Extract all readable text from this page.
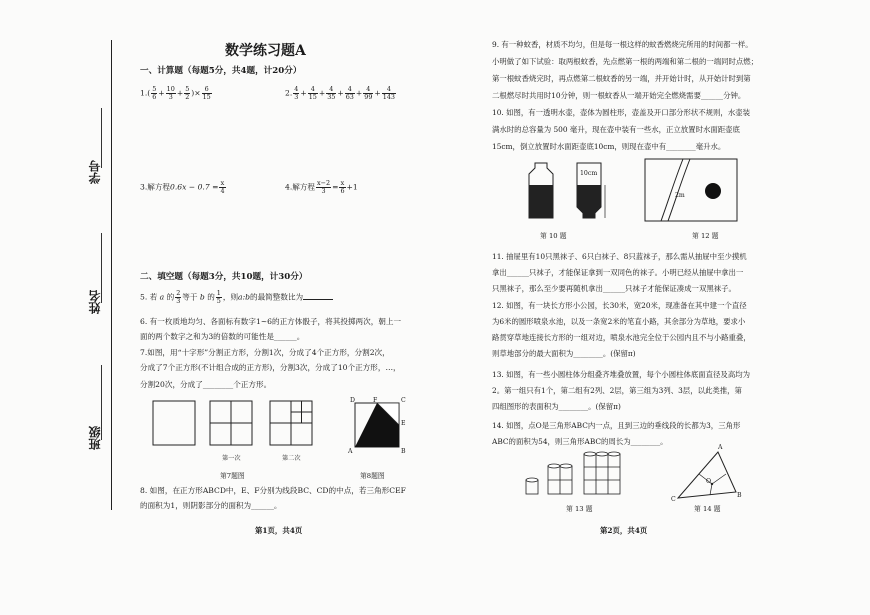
学号
姓名
班级
数学练习题A
一、计算题（每题5分，共4题，计20分）
$1.( \frac{5}{6} + \frac{10}{3} + \frac{5}{2}$ )× $\frac{6}{15}$	2. $\frac{4}{3} + \frac{4}{15} + \frac{4}{35} + \frac{4}{63} + \frac{4}{99} + \frac{4}{143}$
3.解方程$0.6x - 0.7 = \frac{x}{4}$	4.解方程 $\frac{x-2}{3} = \frac{x}{6} +1$
二、填空题（每题3分，共10题，计30分）
5. 若 a 的 $\frac{2}{3}$ 等于 b 的 $\frac{1}{5}$ ，则a:b的最简整数比为
6. 有一枚质地均匀、各面标有数字1~6的正方体骰子，将其投掷两次，朝上一
面的两个数字之和为3的倍数的可能性是______。
7.如图，用“十字形”分割正方形，分割1次，分成了4个正方形，分割2次，
分成了7个正方形(不计组合成的正方形)，分割3次，分成了10个正方形，…，
分割20次，分成了________个正方形。
第一次	第二次
第7题图
D	F	C
E
A	B
第8题图
8. 如图，在正方形ABCD中，E、F分别为线段BC、CD的中点，若三角形CEF
的面积为1，则阴影部分的面积为______。
第1页，共4页
9. 有一种蚊香，材质不均匀，但是每一根这样的蚊香燃烧完所用的时间都一样。
小明做了如下试验：取两根蚊香，先点燃第一根的两端和第二根的一端同时点燃；
第一根蚊香烧完时，再点燃第二根蚊香的另一端，并开始计时，从开始计时到第
二根燃尽时共用时10分钟，则一根蚊香从一端开始完全燃烧需要______分钟。
10. 如图，有一透明水壶，壶体为圆柱形，壶盖及开口部分形状不规则，水壶装
满水时的总容量为 500 毫升，现在壶中装有一些水，正立放置时水面距壶底
15cm，倒立放置时水面距壶底10cm，则现在壶中有________毫升水。
10cm
第 10 题
2m
第 12 题
11. 抽屉里有10只黑袜子、6只白袜子、8只蓝袜子，那么需从抽屉中至少摸机
拿出______只袜子，才能保证拿到一双同色的袜子。小明已经从抽屉中拿出一
只黑袜子，那么至少要再随机拿出______只袜子才能保证凑成一双黑袜子。
12. 如图，有一块长方形小公园，长30米，宽20米，现准备在其中建一个直径
为6米的圆形喷泉水池，以及一条宽2米的笔直小路，其余部分为草地，要求小
路贯穿草地连接长方形的一组对边，喷泉水池完全位于公园内且不与小路重叠，
则草地部分的最大面积为________。(保留π)
13. 如图，有一些小圆柱体分组叠齐堆叠放置，每个小圆柱体底面直径及高均为
2。第一组只有1个，第二组有2列、2层，第三组为3列、3层，以此类推，第
四组图形的表面积为________。(保留π)
14. 如图，点O是三角形ABC内一点，且到三边的垂线段的长都为3，三角形
ABC的面积为54，则三角形ABC的周长为________。
第 13 题
A
B
C
O
第 14 题
第2页，共4页
